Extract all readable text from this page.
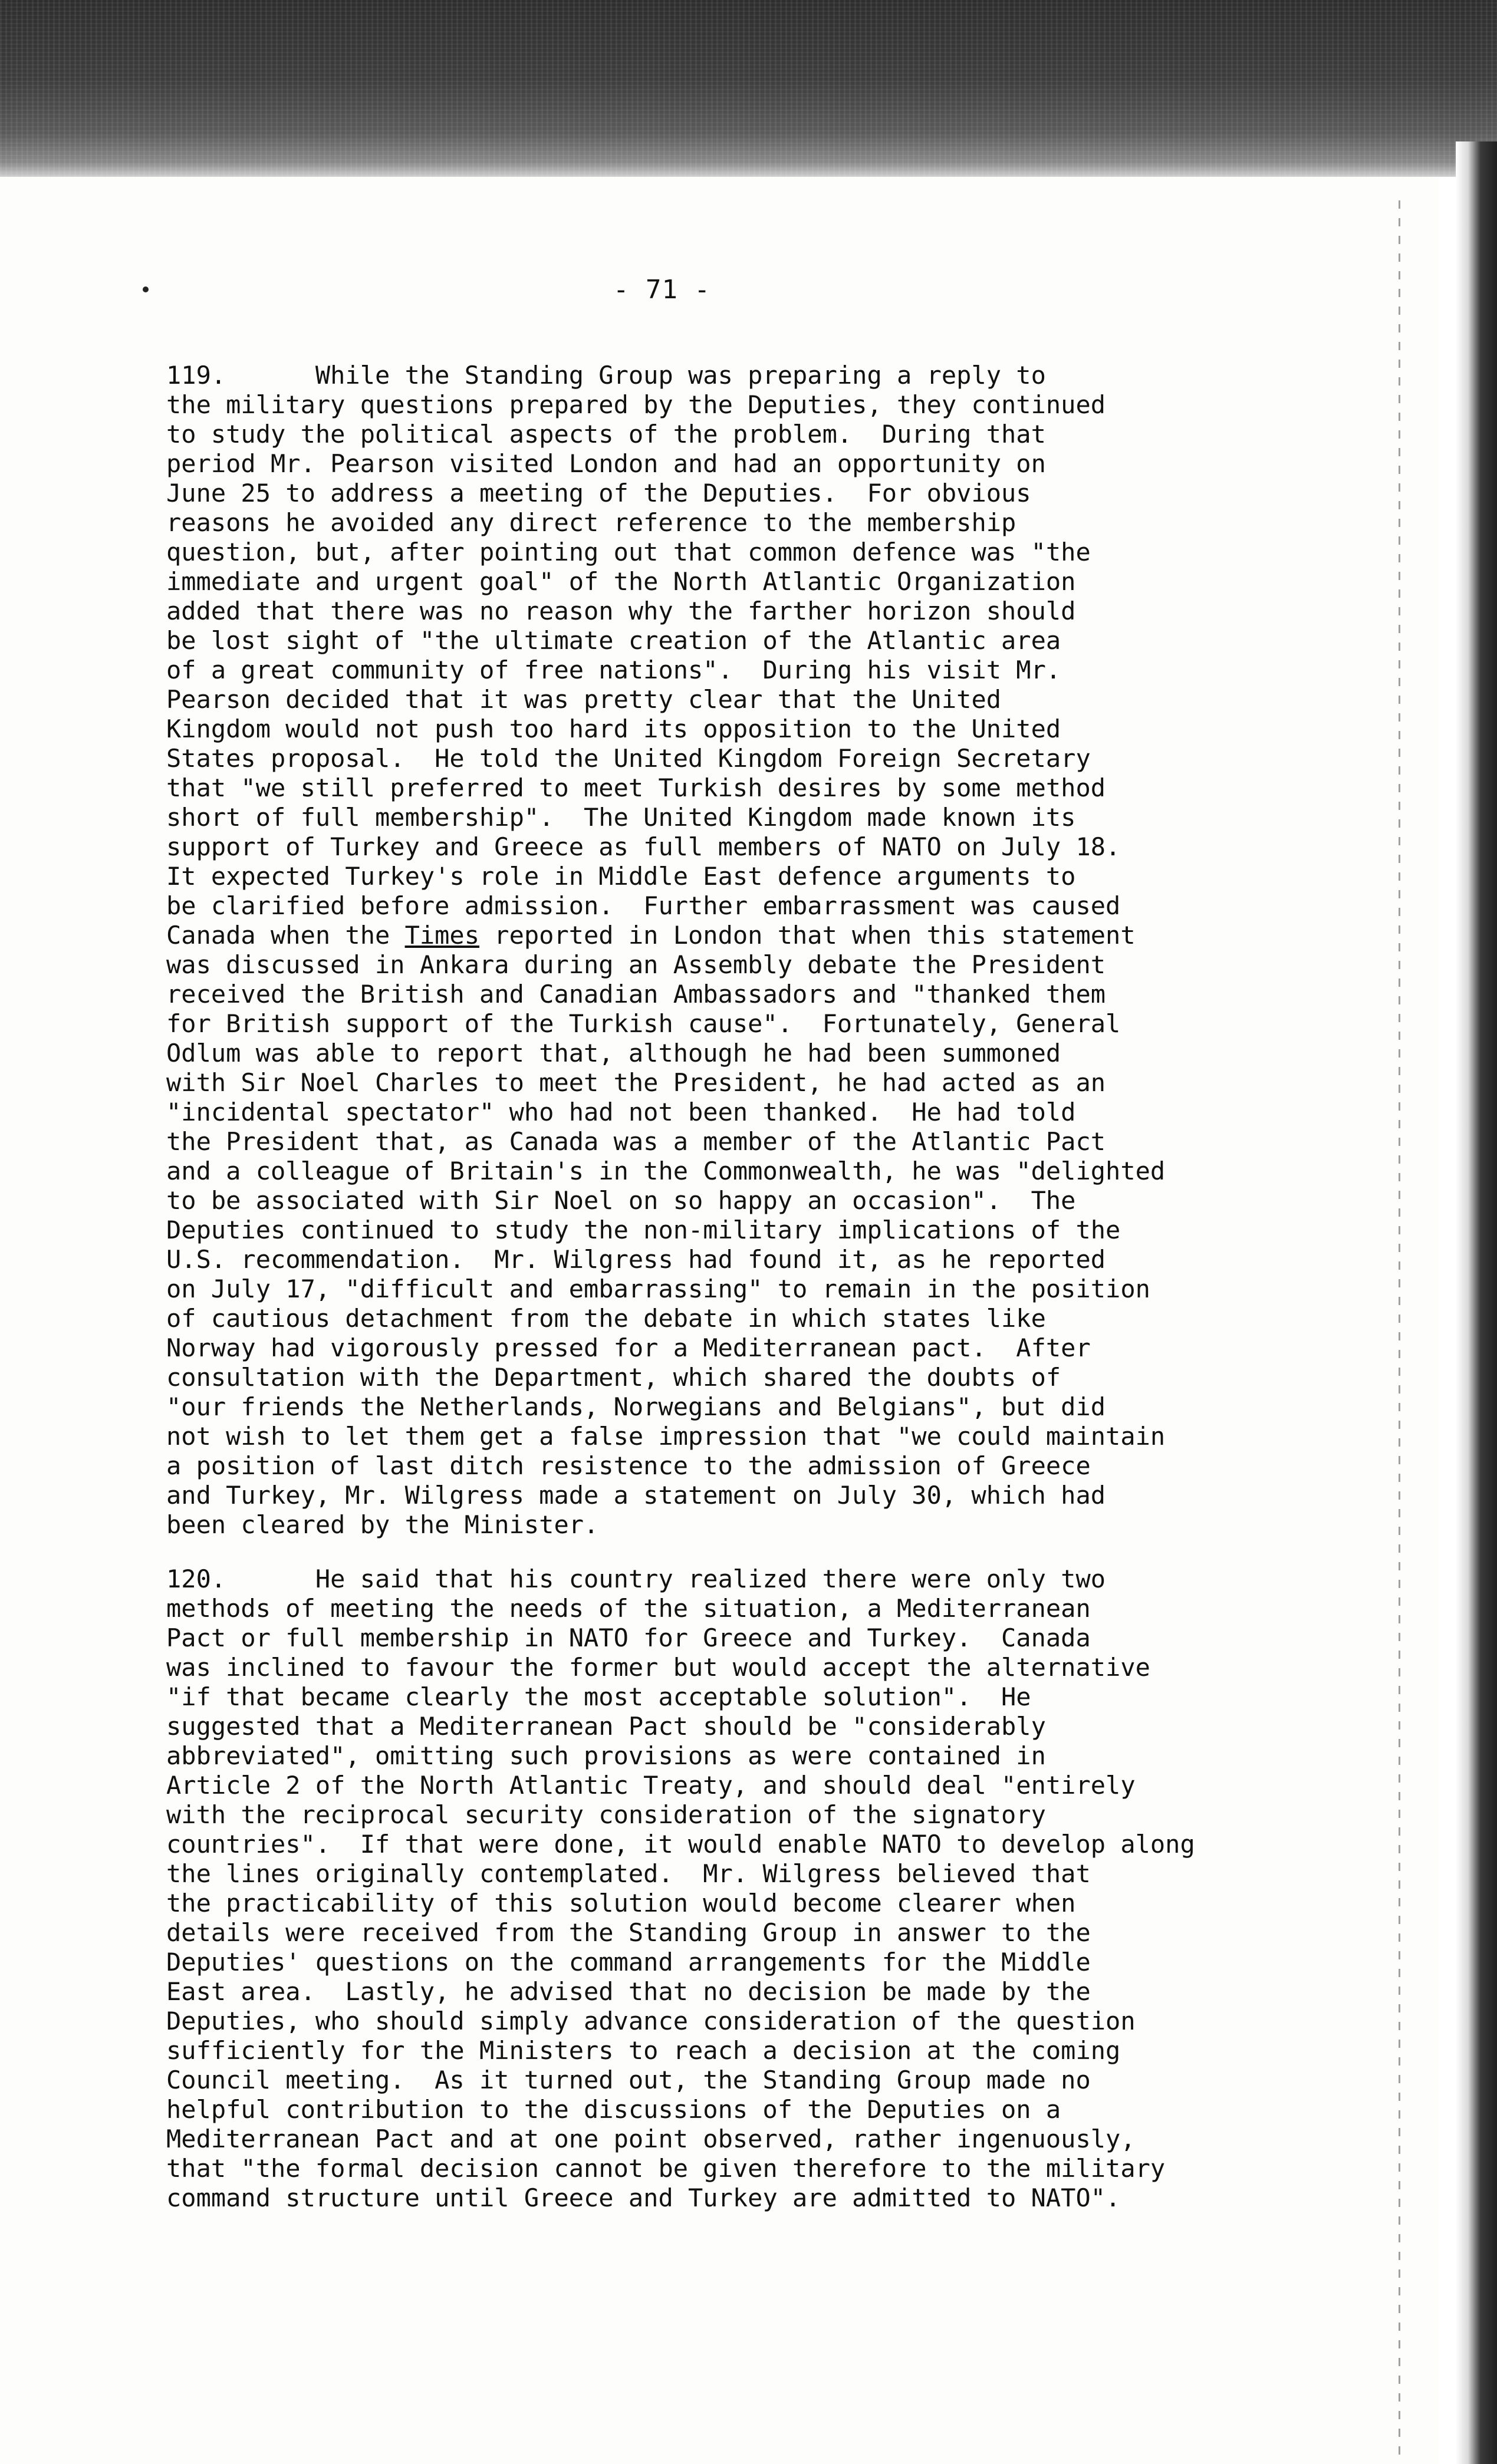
- 71 -
119.      While the Standing Group was preparing a reply to
the military questions prepared by the Deputies, they continued
to study the political aspects of the problem.  During that
period Mr. Pearson visited London and had an opportunity on
June 25 to address a meeting of the Deputies.  For obvious
reasons he avoided any direct reference to the membership
question, but, after pointing out that common defence was "the
immediate and urgent goal" of the North Atlantic Organization
added that there was no reason why the farther horizon should
be lost sight of "the ultimate creation of the Atlantic area
of a great community of free nations".  During his visit Mr.
Pearson decided that it was pretty clear that the United
Kingdom would not push too hard its opposition to the United
States proposal.  He told the United Kingdom Foreign Secretary
that "we still preferred to meet Turkish desires by some method
short of full membership".  The United Kingdom made known its
support of Turkey and Greece as full members of NATO on July 18.
It expected Turkey's role in Middle East defence arguments to
be clarified before admission.  Further embarrassment was caused
Canada when the Times reported in London that when this statement
was discussed in Ankara during an Assembly debate the President
received the British and Canadian Ambassadors and "thanked them
for British support of the Turkish cause".  Fortunately, General
Odlum was able to report that, although he had been summoned
with Sir Noel Charles to meet the President, he had acted as an
"incidental spectator" who had not been thanked.  He had told
the President that, as Canada was a member of the Atlantic Pact
and a colleague of Britain's in the Commonwealth, he was "delighted
to be associated with Sir Noel on so happy an occasion".  The
Deputies continued to study the non-military implications of the
U.S. recommendation.  Mr. Wilgress had found it, as he reported
on July 17, "difficult and embarrassing" to remain in the position
of cautious detachment from the debate in which states like
Norway had vigorously pressed for a Mediterranean pact.  After
consultation with the Department, which shared the doubts of
"our friends the Netherlands, Norwegians and Belgians", but did
not wish to let them get a false impression that "we could maintain
a position of last ditch resistence to the admission of Greece
and Turkey, Mr. Wilgress made a statement on July 30, which had
been cleared by the Minister.
120.      He said that his country realized there were only two
methods of meeting the needs of the situation, a Mediterranean
Pact or full membership in NATO for Greece and Turkey.  Canada
was inclined to favour the former but would accept the alternative
"if that became clearly the most acceptable solution".  He
suggested that a Mediterranean Pact should be "considerably
abbreviated", omitting such provisions as were contained in
Article 2 of the North Atlantic Treaty, and should deal "entirely
with the reciprocal security consideration of the signatory
countries".  If that were done, it would enable NATO to develop along
the lines originally contemplated.  Mr. Wilgress believed that
the practicability of this solution would become clearer when
details were received from the Standing Group in answer to the
Deputies' questions on the command arrangements for the Middle
East area.  Lastly, he advised that no decision be made by the
Deputies, who should simply advance consideration of the question
sufficiently for the Ministers to reach a decision at the coming
Council meeting.  As it turned out, the Standing Group made no
helpful contribution to the discussions of the Deputies on a
Mediterranean Pact and at one point observed, rather ingenuously,
that "the formal decision cannot be given therefore to the military
command structure until Greece and Turkey are admitted to NATO".
